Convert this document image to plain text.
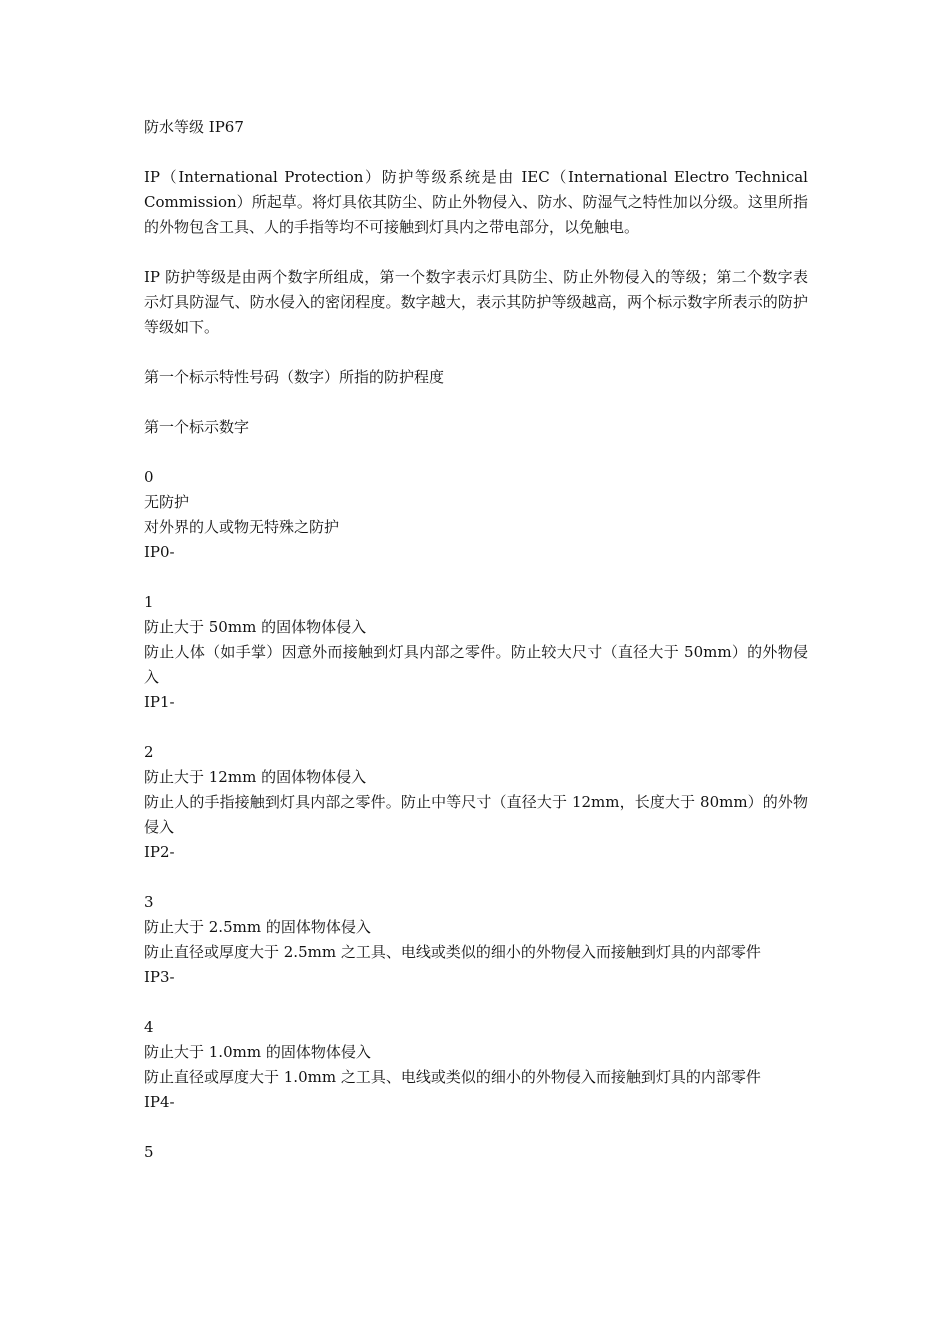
防水等级 IP67

IP（International Protection）防护等级系统是由 IEC（International Electro Technical Commission）所起草。将灯具依其防尘、防止外物侵入、防水、防湿气之特性加以分级。这里所指的外物包含工具、人的手指等均不可接触到灯具内之带电部分，以免触电。

IP 防护等级是由两个数字所组成，第一个数字表示灯具防尘、防止外物侵入的等级；第二个数字表示灯具防湿气、防水侵入的密闭程度。数字越大，表示其防护等级越高，两个标示数字所表示的防护等级如下。

第一个标示特性号码（数字）所指的防护程度

第一个标示数字

0
无防护
对外界的人或物无特殊之防护
IP0-
1
防止大于 50mm 的固体物体侵入
防止人体（如手掌）因意外而接触到灯具内部之零件。防止较大尺寸（直径大于 50mm）的外物侵入
IP1-
2
防止大于 12mm 的固体物体侵入
防止人的手指接触到灯具内部之零件。防止中等尺寸（直径大于 12mm，长度大于 80mm）的外物侵入
IP2-
3
防止大于 2.5mm 的固体物体侵入
防止直径或厚度大于 2.5mm 之工具、电线或类似的细小的外物侵入而接触到灯具的内部零件
IP3-
4
防止大于 1.0mm 的固体物体侵入
防止直径或厚度大于 1.0mm 之工具、电线或类似的细小的外物侵入而接触到灯具的内部零件
IP4-
5
